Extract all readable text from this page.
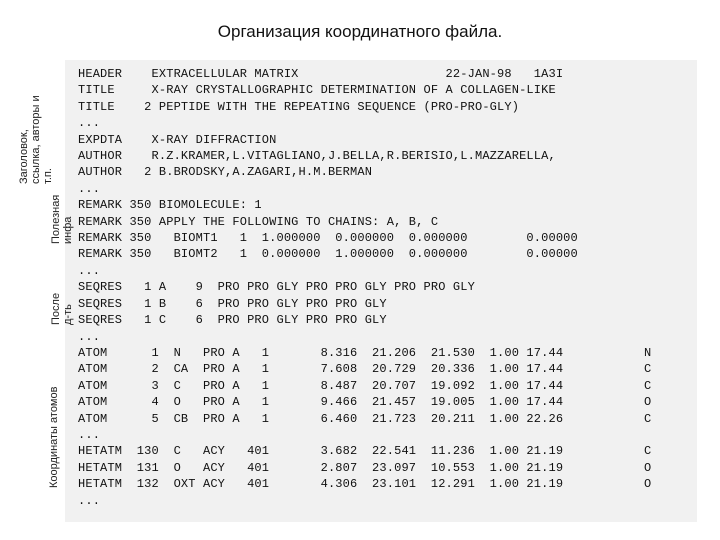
Организация координатного файла.
HEADER    EXTRACELLULAR MATRIX                    22-JAN-98   1A3I
TITLE     X-RAY CRYSTALLOGRAPHIC DETERMINATION OF A COLLAGEN-LIKE
TITLE    2 PEPTIDE WITH THE REPEATING SEQUENCE (PRO-PRO-GLY)
...
EXPDTA    X-RAY DIFFRACTION
AUTHOR    R.Z.KRAMER,L.VITAGLIANO,J.BELLA,R.BERISIO,L.MAZZARELLA,
AUTHOR   2 B.BRODSKY,A.ZAGARI,H.M.BERMAN
...
REMARK 350 BIOMOLECULE: 1
REMARK 350 APPLY THE FOLLOWING TO CHAINS: A, B, C
REMARK 350   BIOMT1   1  1.000000  0.000000  0.000000        0.00000
REMARK 350   BIOMT2   1  0.000000  1.000000  0.000000        0.00000
...
SEQRES   1 A    9  PRO PRO GLY PRO PRO GLY PRO PRO GLY
SEQRES   1 B    6  PRO PRO GLY PRO PRO GLY
SEQRES   1 C    6  PRO PRO GLY PRO PRO GLY
...
ATOM      1  N   PRO A   1       8.316  21.206  21.530  1.00 17.44           N
ATOM      2  CA  PRO A   1       7.608  20.729  20.336  1.00 17.44           C
ATOM      3  C   PRO A   1       8.487  20.707  19.092  1.00 17.44           C
ATOM      4  O   PRO A   1       9.466  21.457  19.005  1.00 17.44           O
ATOM      5  CB  PRO A   1       6.460  21.723  20.211  1.00 22.26           C
...
HETATM  130  C   ACY   401       3.682  22.541  11.236  1.00 21.19           C
HETATM  131  O   ACY   401       2.807  23.097  10.553  1.00 21.19           O
HETATM  132  OXT ACY   401       4.306  23.101  12.291  1.00 21.19           O
...
Заголовок, ссылка, авторы и т.п.
Полезная инфа
После д-ть
Координаты атомов
